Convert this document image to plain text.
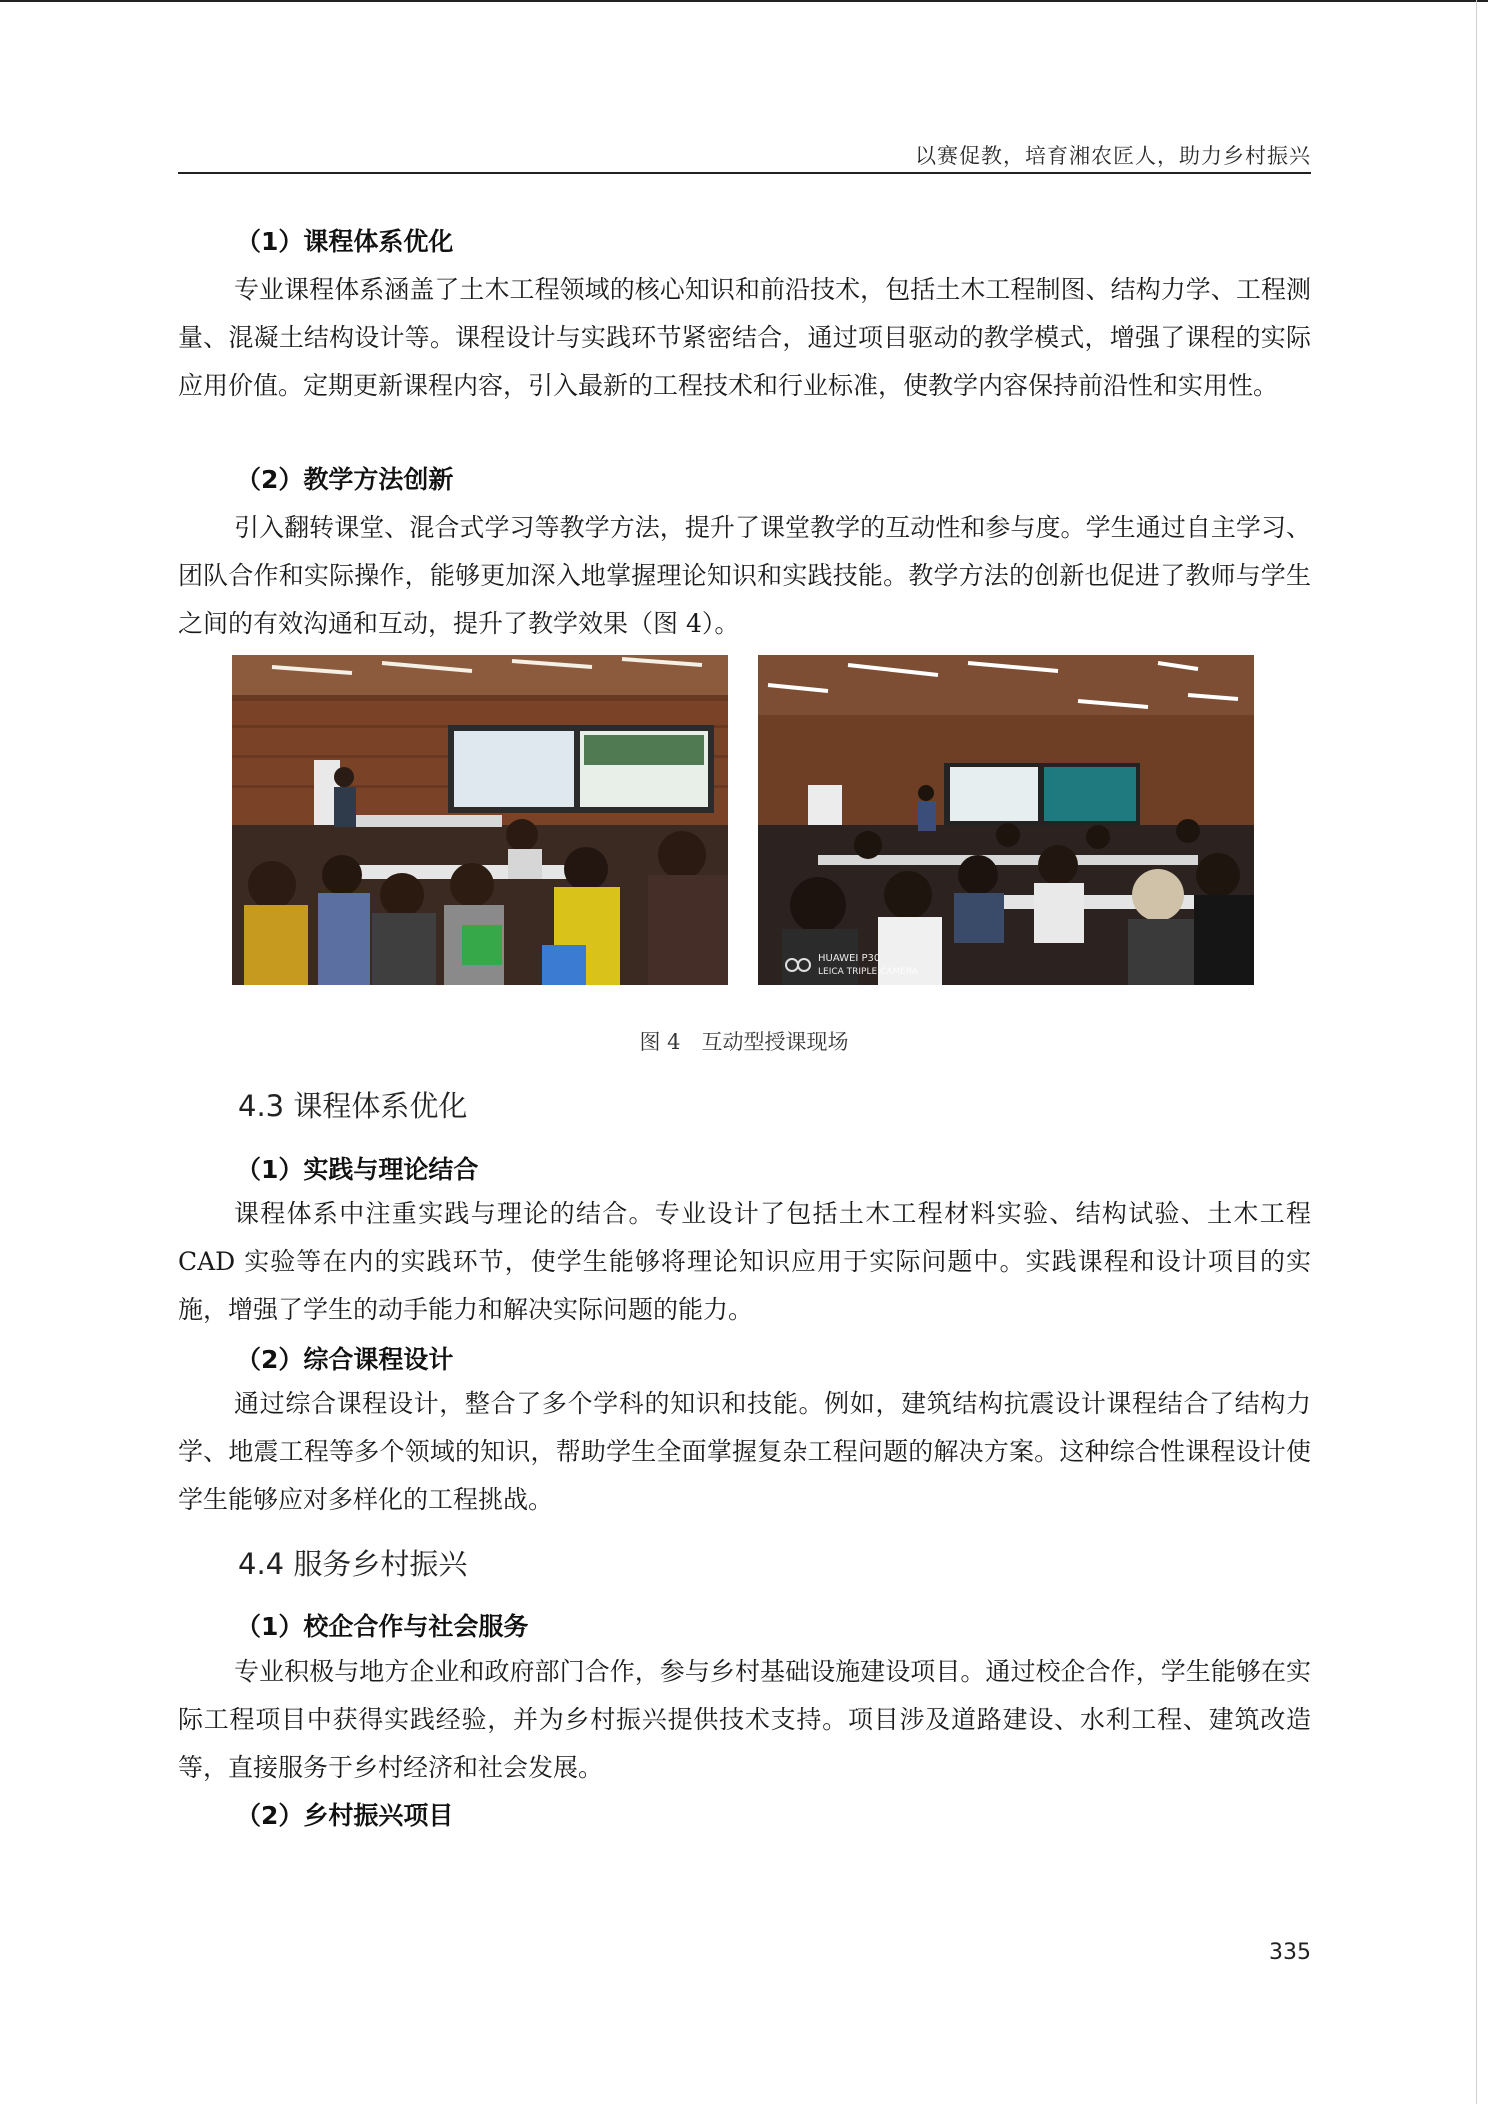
以赛促教，培育湘农匠人，助力乡村振兴
（1）课程体系优化
专业课程体系涵盖了土木工程领域的核心知识和前沿技术，包括土木工程制图、结构力学、工程测量、混凝土结构设计等。课程设计与实践环节紧密结合，通过项目驱动的教学模式，增强了课程的实际应用价值。定期更新课程内容，引入最新的工程技术和行业标准，使教学内容保持前沿性和实用性。
（2）教学方法创新
引入翻转课堂、混合式学习等教学方法，提升了课堂教学的互动性和参与度。学生通过自主学习、团队合作和实际操作，能够更加深入地掌握理论知识和实践技能。教学方法的创新也促进了教师与学生之间的有效沟通和互动，提升了教学效果（图 4）。
HUAWEI P30
LEICA TRIPLE CAMERA
图 4　互动型授课现场
4.3 课程体系优化
（1）实践与理论结合
课程体系中注重实践与理论的结合。专业设计了包括土木工程材料实验、结构试验、土木工程 CAD 实验等在内的实践环节，使学生能够将理论知识应用于实际问题中。实践课程和设计项目的实施，增强了学生的动手能力和解决实际问题的能力。
（2）综合课程设计
通过综合课程设计，整合了多个学科的知识和技能。例如，建筑结构抗震设计课程结合了结构力学、地震工程等多个领域的知识，帮助学生全面掌握复杂工程问题的解决方案。这种综合性课程设计使学生能够应对多样化的工程挑战。
4.4 服务乡村振兴
（1）校企合作与社会服务
专业积极与地方企业和政府部门合作，参与乡村基础设施建设项目。通过校企合作，学生能够在实际工程项目中获得实践经验，并为乡村振兴提供技术支持。项目涉及道路建设、水利工程、建筑改造等，直接服务于乡村经济和社会发展。
（2）乡村振兴项目
335
